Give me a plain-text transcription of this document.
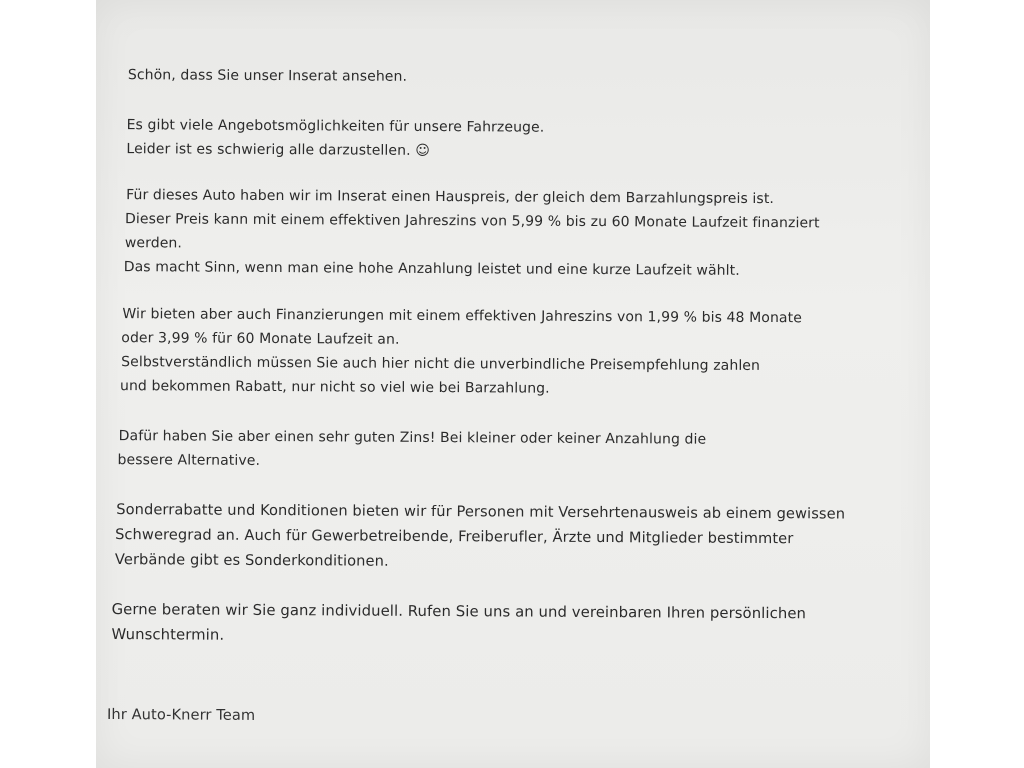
Schön, dass Sie unser Inserat ansehen.
Es gibt viele Angebotsmöglichkeiten für unsere Fahrzeuge.
Leider ist es schwierig alle darzustellen. ☺
Für dieses Auto haben wir im Inserat einen Hauspreis, der gleich dem Barzahlungspreis ist.
Dieser Preis kann mit einem effektiven Jahreszins von 5,99 % bis zu 60 Monate Laufzeit finanziert
werden.
Das macht Sinn, wenn man eine hohe Anzahlung leistet und eine kurze Laufzeit wählt.
Wir bieten aber auch Finanzierungen mit einem effektiven Jahreszins von 1,99 % bis 48 Monate
oder 3,99 % für 60 Monate Laufzeit an.
Selbstverständlich müssen Sie auch hier nicht die unverbindliche Preisempfehlung zahlen
und bekommen Rabatt, nur nicht so viel wie bei Barzahlung.
Dafür haben Sie aber einen sehr guten Zins! Bei kleiner oder keiner Anzahlung die
bessere Alternative.
Sonderrabatte und Konditionen bieten wir für Personen mit Versehrtenausweis ab einem gewissen
Schweregrad an. Auch für Gewerbetreibende, Freiberufler, Ärzte und Mitglieder bestimmter
Verbände gibt es Sonderkonditionen.
Gerne beraten wir Sie ganz individuell. Rufen Sie uns an und vereinbaren Ihren persönlichen
Wunschtermin.
Ihr Auto-Knerr Team
